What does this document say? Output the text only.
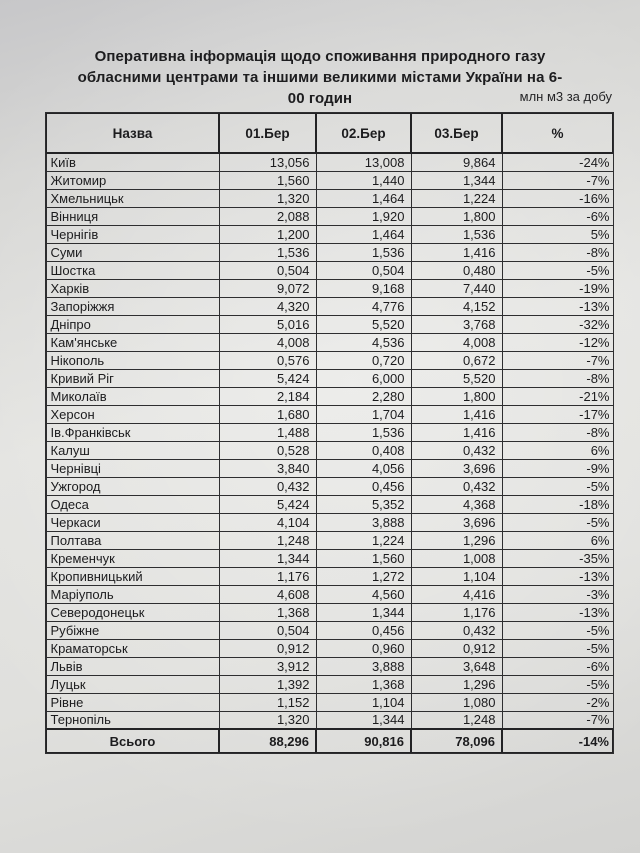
Оперативна інформація щодо споживання природного газу обласними центрами та іншими великими містами України на 6-00 годин	млн м3 за добу
Назва	01.Бер	02.Бер	03.Бер	%
Київ	13,056	13,008	9,864	-24%
Житомир	1,560	1,440	1,344	-7%
Хмельницьк	1,320	1,464	1,224	-16%
Вінниця	2,088	1,920	1,800	-6%
Чернігів	1,200	1,464	1,536	5%
Суми	1,536	1,536	1,416	-8%
Шостка	0,504	0,504	0,480	-5%
Харків	9,072	9,168	7,440	-19%
Запоріжжя	4,320	4,776	4,152	-13%
Дніпро	5,016	5,520	3,768	-32%
Кам'янське	4,008	4,536	4,008	-12%
Нікополь	0,576	0,720	0,672	-7%
Кривий Ріг	5,424	6,000	5,520	-8%
Миколаїв	2,184	2,280	1,800	-21%
Херсон	1,680	1,704	1,416	-17%
Ів.Франківськ	1,488	1,536	1,416	-8%
Калуш	0,528	0,408	0,432	6%
Чернівці	3,840	4,056	3,696	-9%
Ужгород	0,432	0,456	0,432	-5%
Одеса	5,424	5,352	4,368	-18%
Черкаси	4,104	3,888	3,696	-5%
Полтава	1,248	1,224	1,296	6%
Кременчук	1,344	1,560	1,008	-35%
Кропивницький	1,176	1,272	1,104	-13%
Маріуполь	4,608	4,560	4,416	-3%
Северодонецьк	1,368	1,344	1,176	-13%
Рубіжне	0,504	0,456	0,432	-5%
Краматорськ	0,912	0,960	0,912	-5%
Львів	3,912	3,888	3,648	-6%
Луцьк	1,392	1,368	1,296	-5%
Рівне	1,152	1,104	1,080	-2%
Тернопіль	1,320	1,344	1,248	-7%
Всього	88,296	90,816	78,096	-14%
